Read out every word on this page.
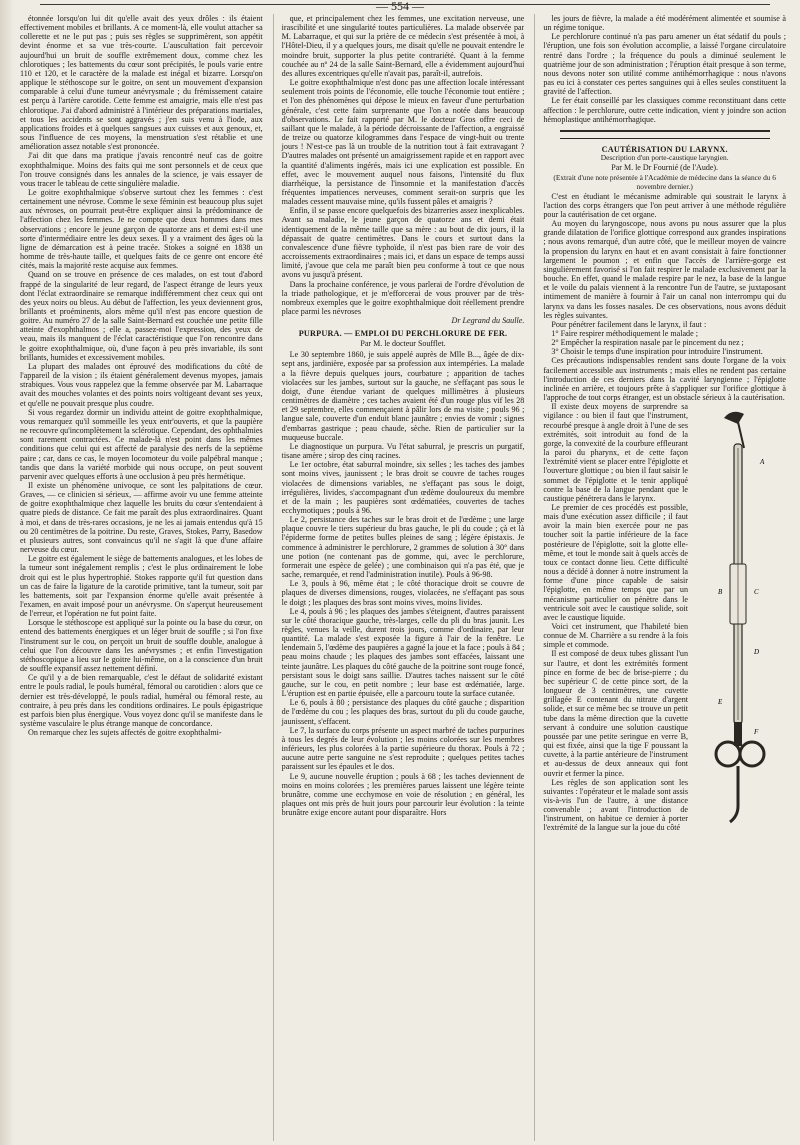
— 554 —

étonnée lorsqu'on lui dit qu'elle avait des yeux drôles : ils étaient effectivement mobiles et brillants. A ce moment-là, elle voulut attacher sa collerette et ne le put pas ; puis ses règles se supprimèrent, son appétit devint énorme et sa vue très-courte. L'auscultation fait percevoir aujourd'hui un bruit de souffle extrêmement doux, comme chez les chlorotiques ; les battements du cœur sont précipités, le pouls varie entre 110 et 120, et le caractère de la malade est inégal et bizarre. Lorsqu'on applique le stéthoscope sur le goitre, on sent un mouvement d'expansion comparable à celui d'une tumeur anévrysmale ; du frémissement cataire est perçu à l'artère carotide. Cette femme est amaigrie, mais elle n'est pas chlorotique. J'ai d'abord administré à l'intérieur des préparations martiales, et tous les accidents se sont aggravés ; j'en suis venu à l'iode, aux applications froides et à quelques sangsues aux cuisses et aux genoux, et, sous l'influence de ces moyens, la menstruation s'est rétablie et une amélioration assez notable s'est prononcée.

J'ai dit que dans ma pratique j'avais rencontré neuf cas de goitre exophthalmique. Moins des faits qui me sont personnels et de ceux que l'on trouve consignés dans les annales de la science, je vais essayer de vous tracer le tableau de cette singulière maladie.

Le goitre exophthalmique s'observe surtout chez les femmes : c'est certainement une névrose. Comme le sexe féminin est beaucoup plus sujet aux névroses, on pourrait peut-être expliquer ainsi la prédominance de l'affection chez les femmes. Je ne compte que deux hommes dans mes observations ; encore le jeune garçon de quatorze ans et demi est-il une sorte d'intermédiaire entre les deux sexes. Il y a vraiment des âges où la ligne de démarcation est à peine tracée. Stokes a soigné en 1838 un homme de très-haute taille, et quelques faits de ce genre ont encore été cités, mais la majorité reste acquise aux femmes.

Quand on se trouve en présence de ces malades, on est tout d'abord frappé de la singularité de leur regard, de l'aspect étrange de leurs yeux dont l'éclat extraordinaire se remarque indifféremment chez ceux qui ont des yeux noirs ou bleus. Au début de l'affection, les yeux deviennent gros, brillants et proéminents, alors même qu'il n'est pas encore question de goitre. Au numéro 27 de la salle Saint-Bernard est couchée une petite fille atteinte d'exophthalmos ; elle a, passez-moi l'expression, des yeux de veau, mais ils manquent de l'éclat caractéristique que l'on rencontre dans le goitre exophthalmique, où, d'une façon à peu près invariable, ils sont brillants, humides et excessivement mobiles.

La plupart des malades ont éprouvé des modifications du côté de l'appareil de la vision ; ils étaient généralement devenus myopes, jamais strabiques. Vous vous rappelez que la femme observée par M. Labarraque avait des mouches volantes et des points noirs voltigeant devant ses yeux, et qu'elle ne pouvait presque plus coudre.

Si vous regardez dormir un individu atteint de goitre exophthalmique, vous remarquez qu'il sommeille les yeux entr'ouverts, et que la paupière ne recouvre qu'incomplètement la sclérotique. Cependant, des ophthalmies sont rarement contractées. Ce malade-là n'est point dans les mêmes conditions que celui qui est affecté de paralysie des nerfs de la septième paire ; car, dans ce cas, le moyen locomoteur du voile palpébral manque ; tandis que dans la variété morbide qui nous occupe, on peut souvent parvenir avec quelques efforts à une occlusion à peu près hermétique.

Il existe un phénomène univoque, ce sont les palpitations de cœur. Graves, — ce clinicien si sérieux, — affirme avoir vu une femme atteinte de goitre exophthalmique chez laquelle les bruits du cœur s'entendaient à quatre pieds de distance. Ce fait me paraît des plus extraordinaires. Quant à moi, et dans de très-rares occasions, je ne les ai jamais entendus qu'à 15 ou 20 centimètres de la poitrine. Du reste, Graves, Stokes, Parry, Basedow et plusieurs autres, sont convaincus qu'il ne s'agit là que d'une affaire nerveuse du cœur.

Le goitre est également le siège de battements analogues, et les lobes de la tumeur sont inégalement remplis ; c'est le plus ordinairement le lobe droit qui est le plus hypertrophié. Stokes rapporte qu'il fut question dans un cas de faire la ligature de la carotide primitive, tant la tumeur, soit par les battements, soit par l'expansion énorme qu'elle avait présentée à l'examen, en avait imposé pour un anévrysme. On s'aperçut heureusement de l'erreur, et l'opération ne fut point faite.

Lorsque le stéthoscope est appliqué sur la pointe ou la base du cœur, on entend des battements énergiques et un léger bruit de souffle ; si l'on fixe l'instrument sur le cou, on perçoit un bruit de souffle double, analogue à celui que l'on découvre dans les anévrysmes ; et enfin l'investigation stéthoscopique a lieu sur le goitre lui-même, on a la conscience d'un bruit de souffle expansif assez nettement défini.

Ce qu'il y a de bien remarquable, c'est le défaut de solidarité existant entre le pouls radial, le pouls huméral, fémoral ou carotidien : alors que ce dernier est très-développé, le pouls radial, huméral ou fémoral reste, au contraire, à peu près dans les conditions ordinaires. Le pouls épigastrique est parfois bien plus énergique. Vous voyez donc qu'il se manifeste dans le système vasculaire le plus étrange manque de concordance.

On remarque chez les sujets affectés de goitre exophthalmi-

que, et principalement chez les femmes, une excitation nerveuse, une irascibilité et une singularité toutes particulières. La malade observée par M. Labarraque, et qui sur la prière de ce médecin s'est présentée à moi, à l'Hôtel-Dieu, il y a quelques jours, me disait qu'elle ne pouvait entendre le moindre bruit, supporter la plus petite contrariété. Quant à la femme couchée au nº 24 de la salle Saint-Bernard, elle a évidemment aujourd'hui des allures excentriques qu'elle n'avait pas, paraît-il, autrefois.

Le goitre exophthalmique n'est donc pas une affection locale intéressant seulement trois points de l'économie, elle touche l'économie tout entière ; et l'on des phénomènes qui dépose le mieux en faveur d'une perturbation générale, c'est cette faim surprenante que l'on a notée dans beaucoup d'observations. Le fait rapporté par M. le docteur Gros offre ceci de saillant que le malade, à la période décroissante de l'affection, a engraissé de treize ou quatorze kilogrammes dans l'espace de vingt-huit ou trente jours ! N'est-ce pas là un trouble de la nutrition tout à fait extravagant ? D'autres malades ont présenté un amaigrissement rapide et en rapport avec la quantité d'aliments ingérés, mais ici une explication est possible. En effet, avec le mouvement auquel nous faisons, l'intensité du flux diarrhéique, la persistance de l'insomnie et la manifestation d'accès fréquentes impatiences nerveuses, comment serait-on surpris que les malades cessent mauvaise mine, qu'ils fussent pâles et amaigris ?

Enfin, il se passe encore quelquefois des bizarreries assez inexplicables. Avant sa maladie, le jeune garçon de quatorze ans et demi était identiquement de la même taille que sa mère : au bout de dix jours, il la dépassait de quatre centimètres. Dans le cours et surtout dans la convalescence d'une fièvre typhoïde, il n'est pas bien rare de voir des accroissements extraordinaires ; mais ici, et dans un espace de temps aussi limité, j'avoue que cela me paraît bien peu conforme à tout ce que nous avons vu jusqu'à présent.

Dans la prochaine conférence, je vous parlerai de l'ordre d'évolution de la triade pathologique, et je m'efforcerai de vous prouver par de très-nombreux exemples que le goitre exophthalmique doit réellement prendre place parmi les névroses

Dr Legrand du Saulle.

PURPURA. — EMPLOI DU PERCHLORURE DE FER.
Par M. le docteur Soufflet.

Le 30 septembre 1860, je suis appelé auprès de Mlle B..., âgée de dix-sept ans, jardinière, exposée par sa profession aux intempéries. La malade a la fièvre depuis quelques jours, courbature ; apparition de taches violacées sur les jambes, surtout sur la gauche, ne s'effaçant pas sous le doigt, d'une étendue variant de quelques millimètres à plusieurs centimètres de diamètre ; ces taches avaient été d'un rouge plus vif les 28 et 29 septembre, elles commençaient à pâlir lors de ma visite ; pouls 96 ; langue sale, couverte d'un enduit blanc jaunâtre ; envies de vomir ; signes d'embarras gastrique ; peau chaude, sèche. Rien de particulier sur la muqueuse buccale.

Le diagnostique un purpura. Vu l'état saburral, je prescris un purgatif, tisane amère ; sirop des cinq racines.

Le 1er octobre, état saburral moindre, six selles ; les taches des jambes sont moins vives, jaunissent ; le bras droit se couvre de taches rouges violacées de dimensions variables, ne s'effaçant pas sous le doigt, irrégulières, livides, s'accompagnant d'un œdème douloureux du membre et de la main ; les paupières sont œdématiées, couvertes de taches ecchymotiques ; pouls à 96.

Le 2, persistance des taches sur le bras droit et de l'œdème ; une large plaque couvre le tiers supérieur du bras gauche, le pli du coude ; çà et là l'épiderme forme de petites bulles pleines de sang ; légère épistaxis. Je commence à administrer le perchlorure, 2 grammes de solution à 30° dans une potion (ne contenant pas de gomme, qui, avec le perchlorure, formerait une espèce de gelée) ; une combinaison qui n'a pas été, que je sache, remarquée, et rend l'administration inutile). Pouls à 96-98.

Le 3, pouls à 96, même état ; le côté thoracique droit se couvre de plaques de diverses dimensions, rouges, violacées, ne s'effaçant pas sous le doigt ; les plaques des bras sont moins vives, moins livides.

Le 4, pouls à 96 ; les plaques des jambes s'éteignent, d'autres paraissent sur le côté thoracique gauche, très-larges, celle du pli du bras jaunit. Les règles, venues la veille, durent trois jours, comme d'ordinaire, par leur quantité. La malade s'est exposée la figure à l'air de la fenêtre. Le lendemain 5, l'œdème des paupières a gagné la joue et la face ; pouls à 84 ; peau moins chaude ; les plaques des jambes sont effacées, laissant une teinte jaunâtre. Les plaques du côté gauche de la poitrine sont rouge foncé, persistant sous le doigt sans saillie. D'autres taches naissent sur le côté gauche, sur le cou, en petit nombre ; leur base est œdématiée, large. L'éruption est en partie épuisée, elle a parcouru toute la surface cutanée.

Le 6, pouls à 80 ; persistance des plaques du côté gauche ; disparition de l'œdème du cou ; les plaques des bras, surtout du pli du coude gauche, jaunissent, s'effacent.

Le 7, la surface du corps présente un aspect marbré de taches purpurines à tous les degrés de leur évolution ; les moins colorées sur les membres inférieurs, les plus colorées à la partie supérieure du thorax. Pouls à 72 ; aucune autre perte sanguine ne s'est reproduite ; quelques petites taches paraissent sur les épaules et le dos.

Le 9, aucune nouvelle éruption ; pouls à 68 ; les taches deviennent de moins en moins colorées ; les premières parues laissent une légère teinte brunâtre, comme une ecchymose en voie de résolution ; en général, les plaques ont mis près de huit jours pour parcourir leur évolution : la teinte brunâtre exige encore autant pour disparaître. Hors

les jours de fièvre, la malade a été modérément alimentée et soumise à un régime tonique.

Le perchlorure continué n'a pas paru amener un état sédatif du pouls ; l'éruption, une fois son évolution accomplie, a laissé l'organe circulatoire rentré dans l'ordre ; la fréquence du pouls a diminué seulement le quatrième jour de son administration ; l'éruption était presque à son terme, nous devons noter son utilité comme antihémorrhagique : nous n'avons pas eu ici à constater ces pertes sanguines qui à elles seules constituent la gravité de l'affection.

Le fer était conseillé par les classiques comme reconstituant dans cette affection : le perchlorure, outre cette indication, vient y joindre son action hémoplastique antihémorrhagique.

CAUTÉRISATION DU LARYNX.
Description d'un porte-caustique laryngien.
Par M. le Dr Fournié (de l'Aude).
(Extrait d'une note présentée à l'Académie de médecine dans la séance du 6 novembre dernier.)

C'est en étudiant le mécanisme admirable qui soustrait le larynx à l'action des corps étrangers que l'on peut arriver à une méthode régulière pour la cautérisation de cet organe.

Au moyen du laryngoscope, nous avons pu nous assurer que la plus grande dilatation de l'orifice glottique correspond aux grandes inspirations ; nous avons remarqué, d'un autre côté, que le meilleur moyen de vaincre la propension du larynx en haut et en avant consistait à faire fonctionner largement le poumon ; et enfin que l'accès de l'arrière-gorge est singulièrement favorisé si l'on fait respirer le malade exclusivement par la bouche. En effet, quand le malade respire par le nez, la base de la langue et le voile du palais viennent à la rencontre l'un de l'autre, se juxtaposant intimement de manière à fournir à l'air un canal non interrompu qui du larynx va dans les fosses nasales. De ces observations, nous avons déduit les règles suivantes.

Pour pénétrer facilement dans le larynx, il faut :

1° Faire respirer méthodiquement le malade ;

2° Empêcher la respiration nasale par le pincement du nez ;

3° Choisir le temps d'une inspiration pour introduire l'instrument.

Ces précautions indispensables rendent sans doute l'organe de la voix facilement accessible aux instruments ; mais elles ne rendent pas certaine l'introduction de ces derniers dans la cavité laryngienne ; l'épiglotte inclinée en arrière, et toujours prête à s'appliquer sur l'orifice glottique à l'approche de tout corps étranger, est un obstacle sérieux à la cautérisation.

A
B	C
D
E
F

Il existe deux moyens de surprendre sa vigilance : ou bien il faut que l'instrument, recourbé presque à angle droit à l'une de ses extrémités, soit introduit au fond de la gorge, la convexité de la courbure effleurant la paroi du pharynx, et de cette façon l'extrémité vient se placer entre l'épiglotte et l'ouverture glottique ; ou bien il faut saisir le sommet de l'épiglotte et le tenir appliqué contre la base de la langue pendant que le caustique pénétrera dans le larynx.

Le premier de ces procédés est possible, mais d'une exécution assez difficile ; il faut avoir la main bien exercée pour ne pas toucher soit la partie inférieure de la face postérieure de l'épiglotte, soit la glotte elle-même, et tout le monde sait à quels accès de toux ce contact donne lieu. Cette difficulté nous a décidé à donner à notre instrument la forme d'une pince capable de saisir l'épiglotte, en même temps que par un mécanisme particulier on pénètre dans le ventricule soit avec le caustique solide, soit avec le caustique liquide.

Voici cet instrument, que l'habileté bien connue de M. Charrière a su rendre à la fois simple et commode.

Il est composé de deux tubes glissant l'un sur l'autre, et dont les extrémités forment pince en forme de bec de brise-pierre ; du bec supérieur C de cette pince sort, de la longueur de 3 centimètres, une cuvette grillagée E contenant du nitrate d'argent solide, et sur ce même bec se trouve un petit tube dans la même direction que la cuvette servant à conduire une solution caustique poussée par une petite seringue en verre B, qui est fixée, ainsi que la tige F poussant la cuvette, à la partie antérieure de l'instrument et au-dessus de deux anneaux qui font ouvrir et fermer la pince.

Les règles de son application sont les suivantes : l'opérateur et le malade sont assis vis-à-vis l'un de l'autre, à une distance convenable ; avant l'introduction de l'instrument, on habitue ce dernier à porter l'extrémité de la langue sur la joue du côté
